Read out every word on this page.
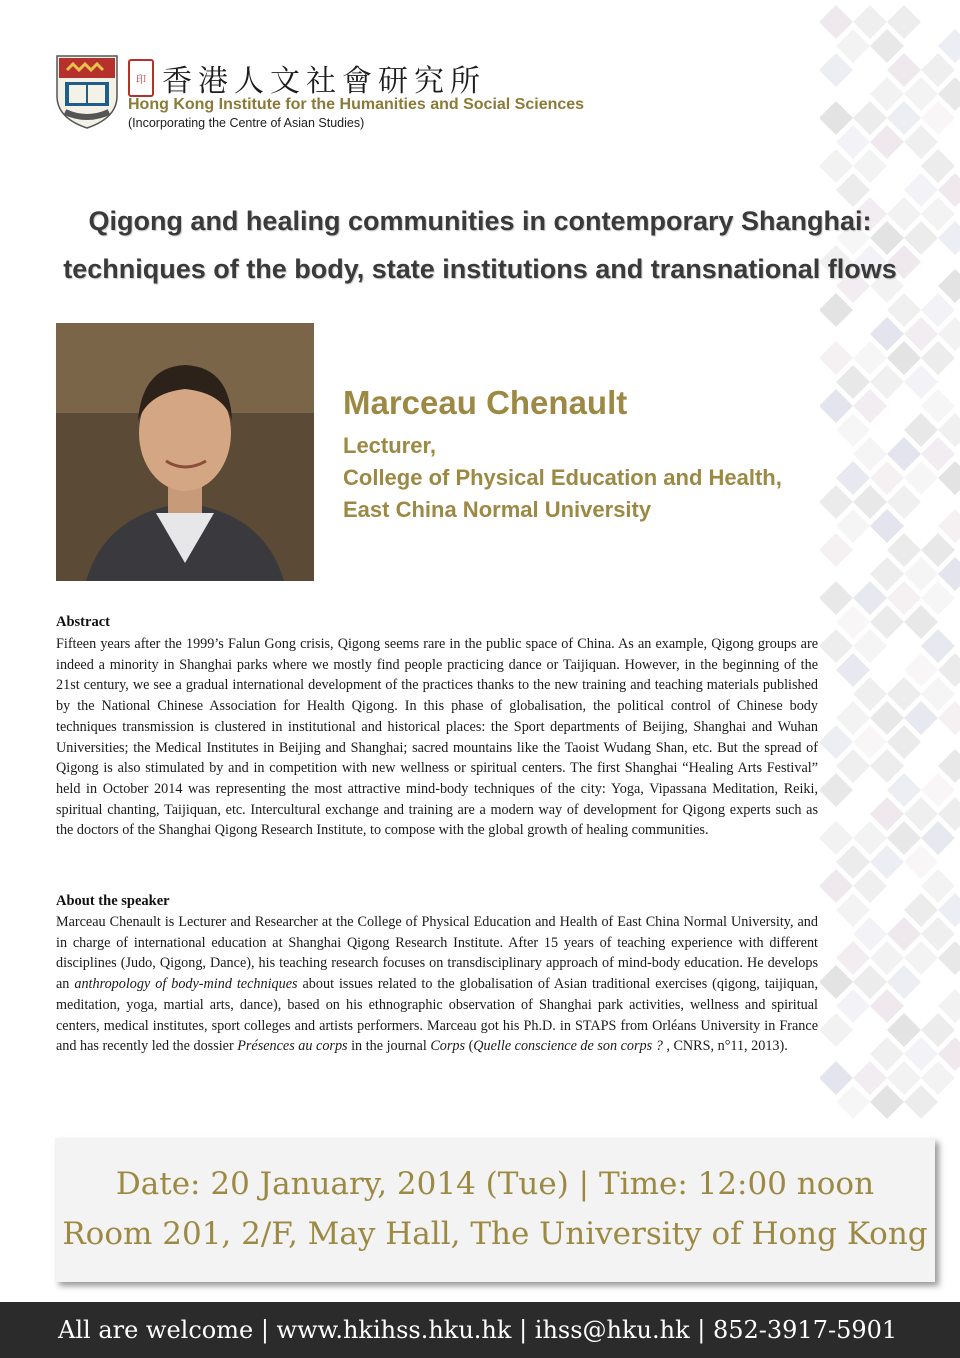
印 香港人文社會研究所
Hong Kong Institute for the Humanities and Social Sciences
(Incorporating the Centre of Asian Studies)
Qigong and healing communities in contemporary Shanghai:
techniques of the body, state institutions and transnational flows
Marceau Chenault
Lecturer,
College of Physical Education and Health,
East China Normal University
Abstract
Fifteen years after the 1999’s Falun Gong crisis, Qigong seems rare in the public space of China. As an example, Qigong groups are indeed a minority in Shanghai parks where we mostly find people practicing dance or Taijiquan. However, in the beginning of the 21st century, we see a gradual international development of the practices thanks to the new training and teaching materials published by the National Chinese Association for Health Qigong. In this phase of globalisation, the political control of Chinese body techniques transmission is clustered in institutional and historical places: the Sport departments of Beijing, Shanghai and Wuhan Universities; the Medical Institutes in Beijing and Shanghai; sacred mountains like the Taoist Wudang Shan, etc. But the spread of Qigong is also stimulated by and in competition with new wellness or spiritual centers. The first Shanghai “Healing Arts Festival” held in October 2014 was representing the most attractive mind-body techniques of the city: Yoga, Vipassana Meditation, Reiki, spiritual chanting, Taijiquan, etc. Intercultural exchange and training are a modern way of development for Qigong experts such as the doctors of the Shanghai Qigong Research Institute, to compose with the global growth of healing communities.
About the speaker
Marceau Chenault is Lecturer and Researcher at the College of Physical Education and Health of East China Normal University, and in charge of international education at Shanghai Qigong Research Institute. After 15 years of teaching experience with different disciplines (Judo, Qigong, Dance), his teaching research focuses on transdisciplinary approach of mind-body education. He develops an anthropology of body-mind techniques about issues related to the globalisation of Asian traditional exercises (qigong, taijiquan, meditation, yoga, martial arts, dance), based on his ethnographic observation of Shanghai park activities, wellness and spiritual centers, medical institutes, sport colleges and artists performers. Marceau got his Ph.D. in STAPS from Orléans University in France and has recently led the dossier Présences au corps in the journal Corps (Quelle conscience de son corps ? , CNRS, n°11, 2013).
Date: 20 January, 2014 (Tue) | Time: 12:00 noon
Room 201, 2/F, May Hall, The University of Hong Kong
All are welcome | www.hkihss.hku.hk | ihss@hku.hk | 852-3917-5901
